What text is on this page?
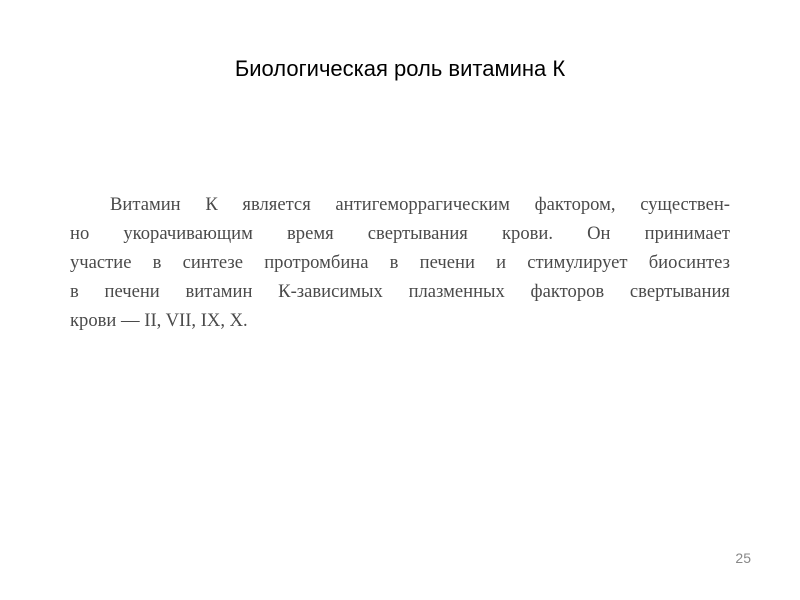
Биологическая роль витамина К

Витамин К является антигеморрагическим фактором, существен-
но укорачивающим время свертывания крови. Он принимает
участие в синтезе протромбина в печени и стимулирует биосинтез
в печени витамин К-зависимых плазменных факторов свертывания
крови — II, VII, IX, X.

25
